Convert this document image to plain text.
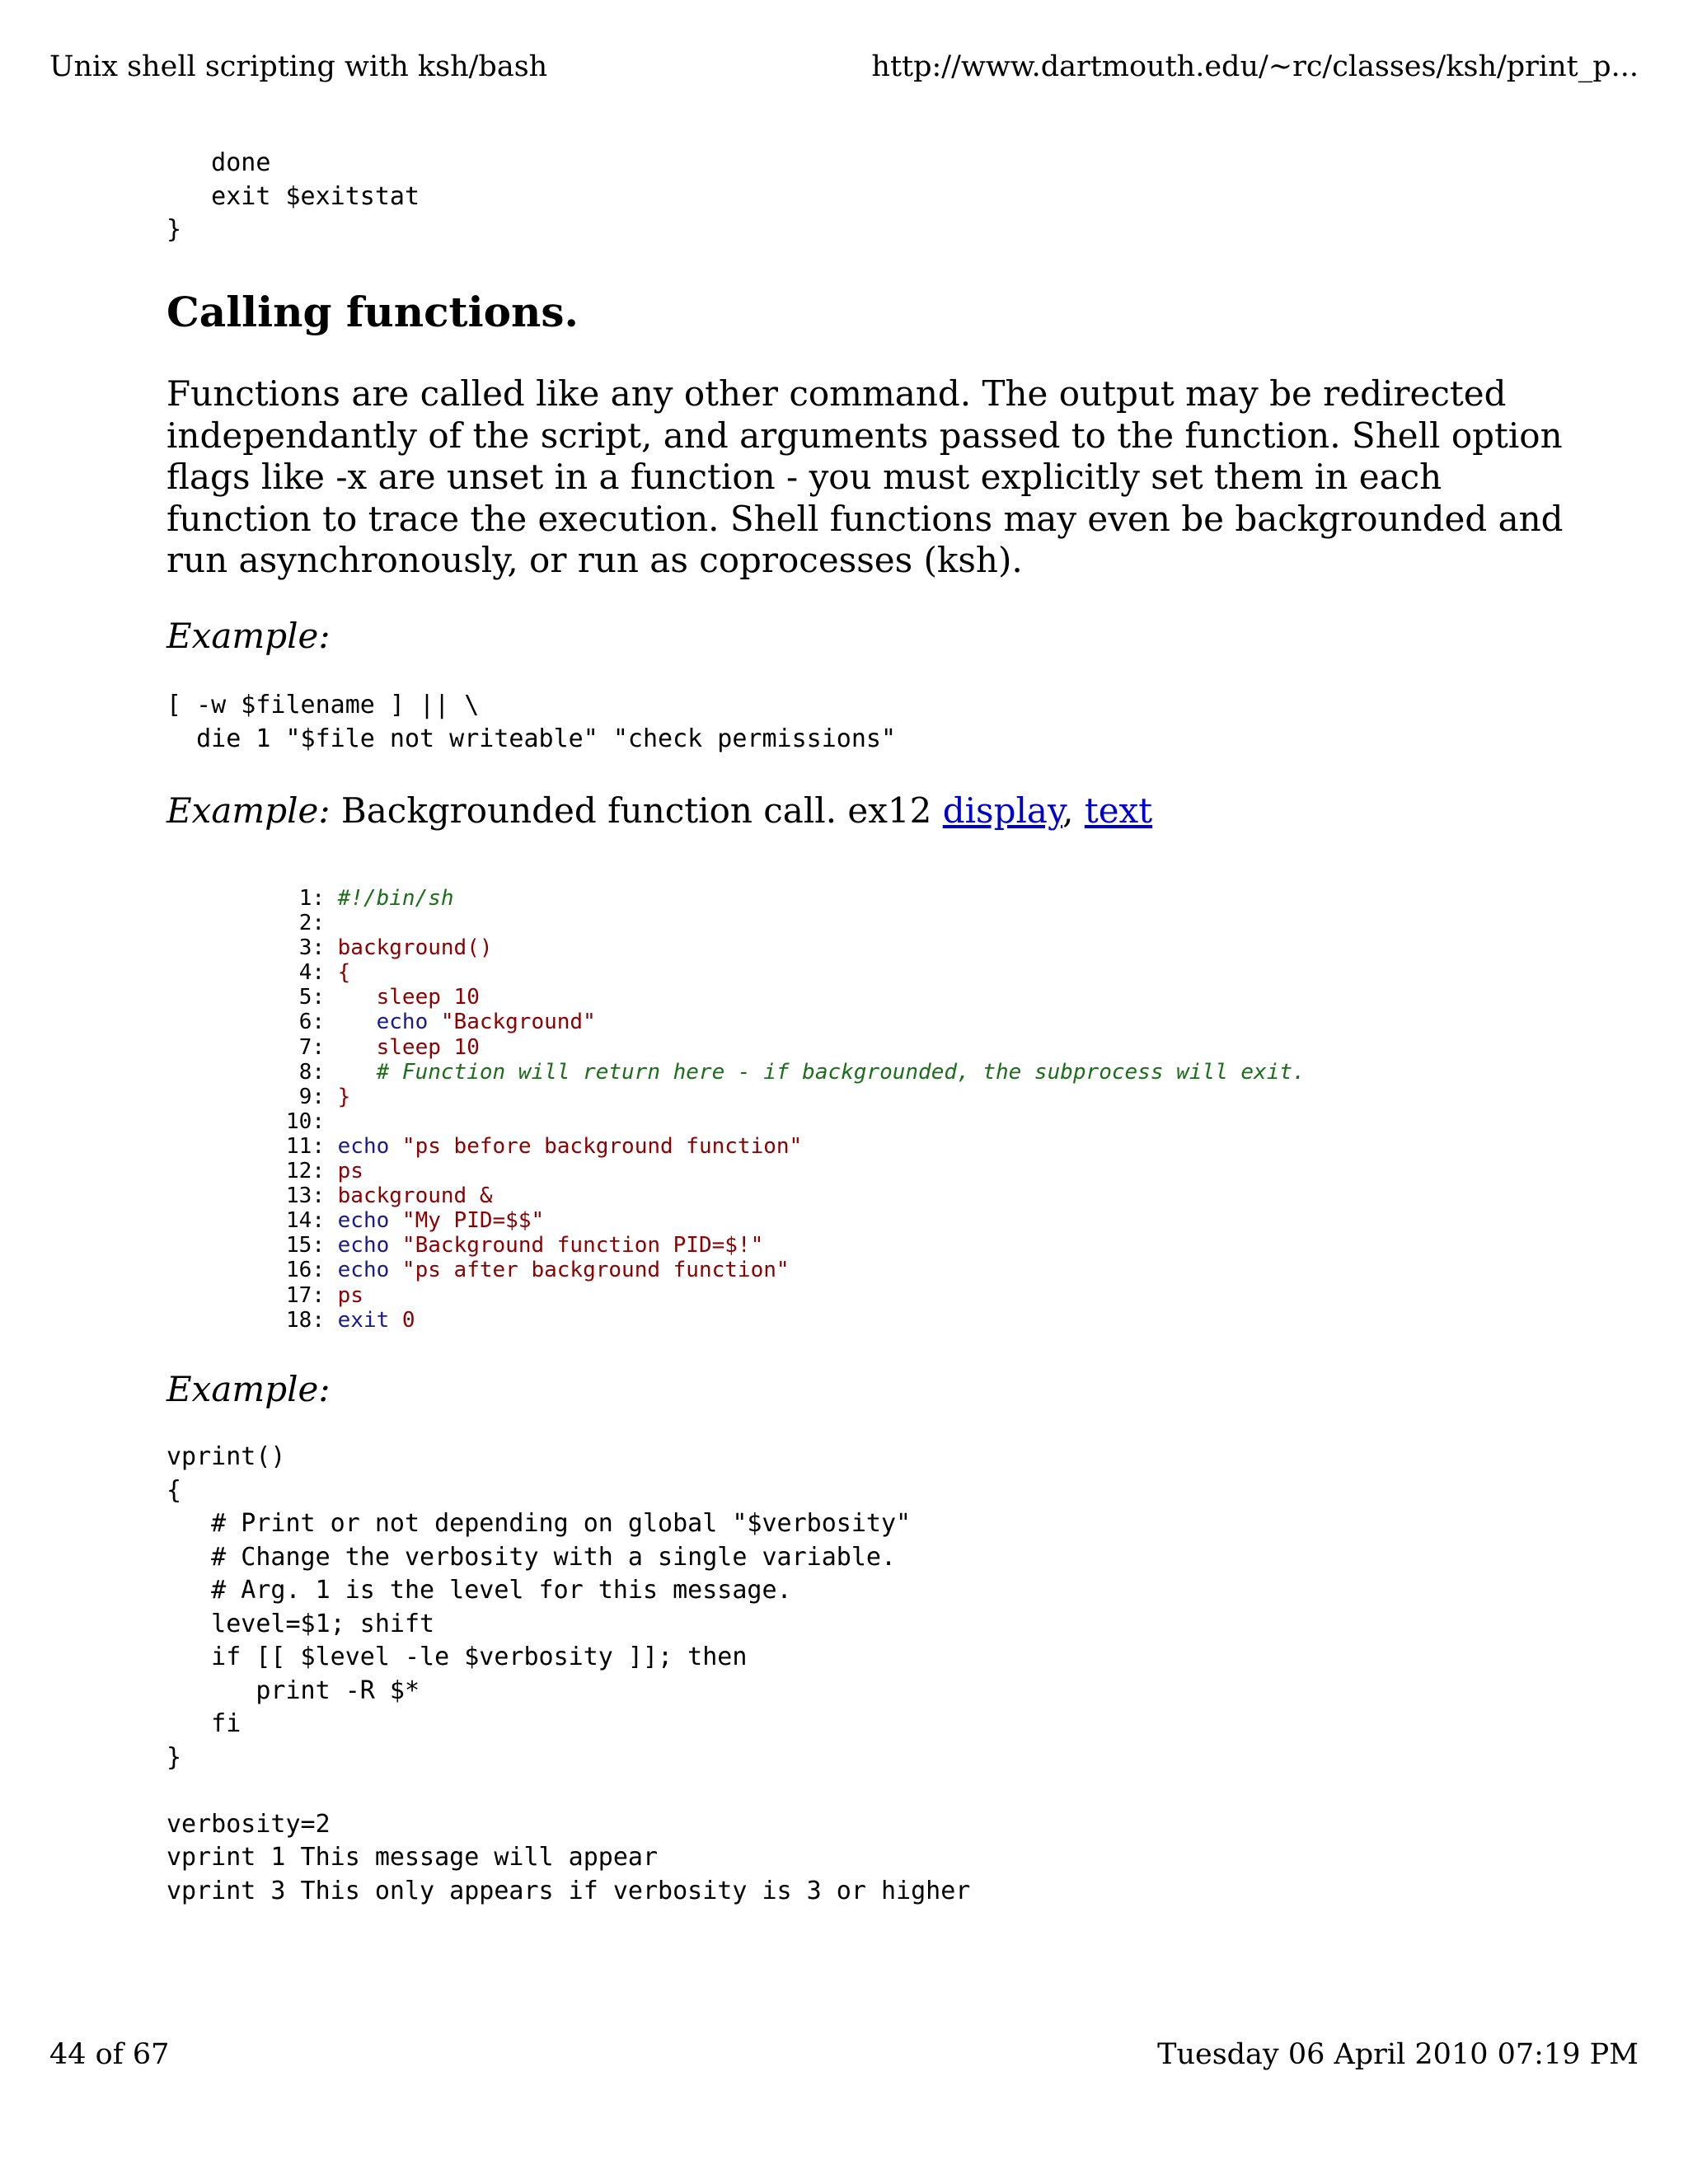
Unix shell scripting with ksh/bash	http://www.dartmouth.edu/~rc/classes/ksh/print_p...
done
exit $exitstat
}
Calling functions.

Functions are called like any other command. The output may be redirected independantly of the script, and arguments passed to the function. Shell option flags like -x are unset in a function - you must explicitly set them in each function to trace the execution. Shell functions may even be backgrounded and run asynchronously, or run as coprocesses (ksh).

Example:
[ -w $filename ] || \
die 1 "$file not writeable" "check permissions"
Example: Backgrounded function call. ex12 display, text
1: #!/bin/sh
2:
3: background()
4: {
5:    sleep 10
6:    echo "Background"
7:    sleep 10
8:    # Function will return here - if backgrounded, the subprocess will exit.
9: }
10:
11: echo "ps before background function"
12: ps
13: background &
14: echo "My PID=$$"
15: echo "Background function PID=$!"
16: echo "ps after background function"
17: ps
18: exit 0
Example:
vprint()
{
# Print or not depending on global "$verbosity"
# Change the verbosity with a single variable.
# Arg. 1 is the level for this message.
level=$1; shift
if [[ $level -le $verbosity ]]; then
print -R $*
fi
}

verbosity=2
vprint 1 This message will appear
vprint 3 This only appears if verbosity is 3 or higher
44 of 67	Tuesday 06 April 2010 07:19 PM
